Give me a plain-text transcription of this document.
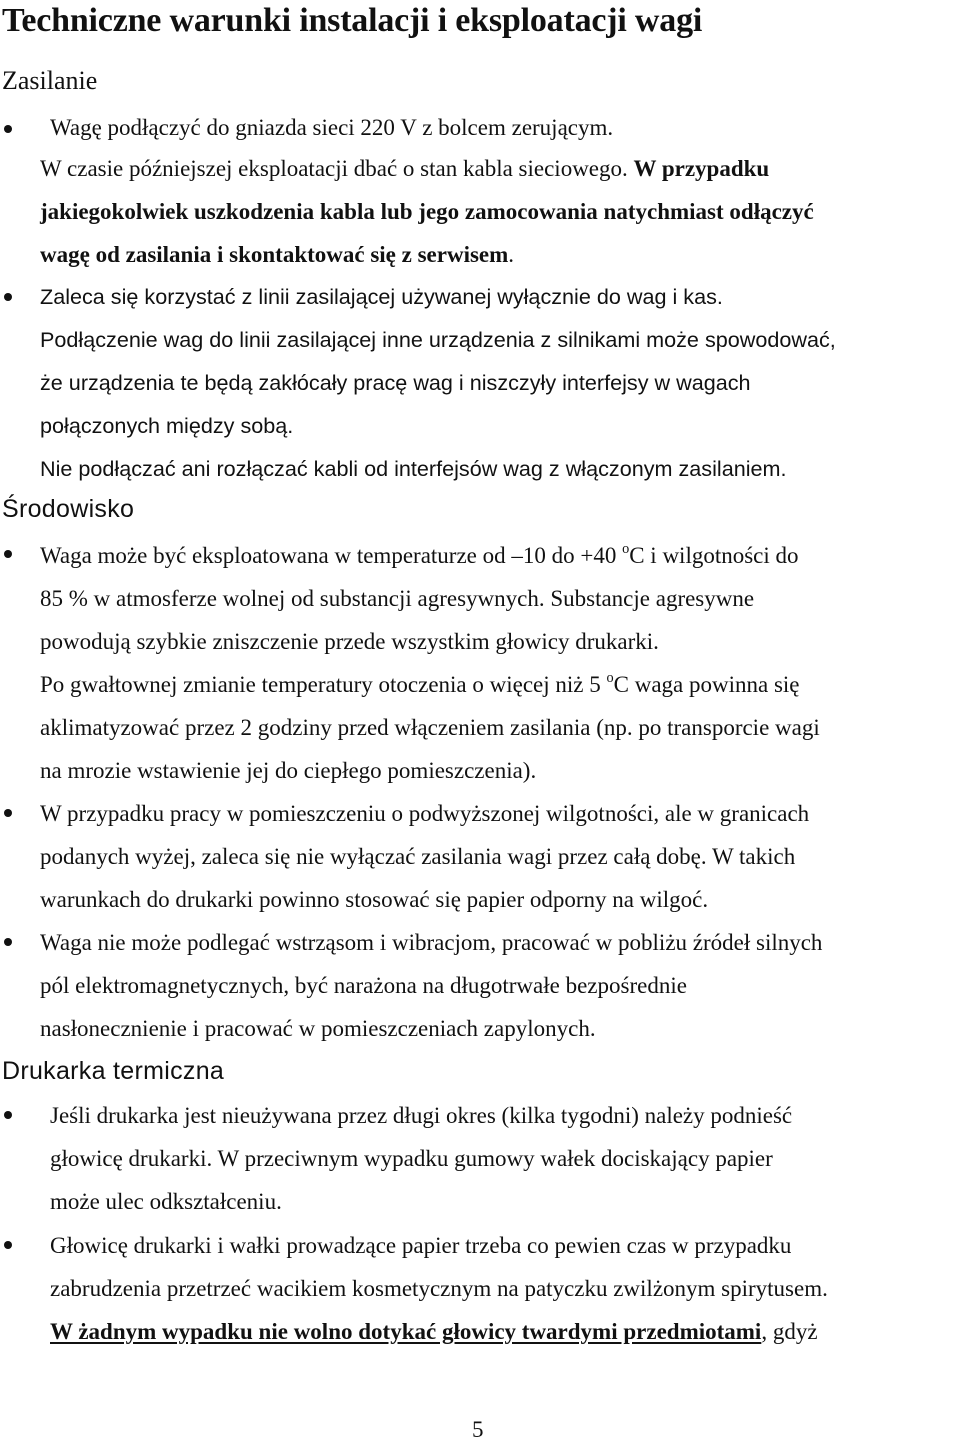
Techniczne warunki instalacji i eksploatacji wagi
Zasilanie
Wagę podłączyć do gniazda sieci 220 V z bolcem zerującym.
W czasie późniejszej eksploatacji dbać o stan kabla sieciowego. W przypadku
jakiegokolwiek uszkodzenia kabla lub jego zamocowania natychmiast odłączyć
wagę od zasilania i skontaktować się z serwisem.
Zaleca się korzystać z linii zasilającej używanej wyłącznie do wag i kas.
Podłączenie wag do linii zasilającej inne urządzenia z silnikami może spowodować,
że urządzenia te będą zakłócały pracę wag i niszczyły interfejsy w wagach
połączonych między sobą.
Nie podłączać ani rozłączać kabli od interfejsów wag z włączonym zasilaniem.
Środowisko
Waga może być eksploatowana w temperaturze od –10 do +40 $^o$C i wilgotności do
85 % w atmosferze wolnej od substancji agresywnych. Substancje agresywne
powodują szybkie zniszczenie przede wszystkim głowicy drukarki.
Po gwałtownej zmianie temperatury otoczenia o więcej niż 5 $^o$C waga powinna się
aklimatyzować przez 2 godziny przed włączeniem zasilania (np. po transporcie wagi
na mrozie wstawienie jej do ciepłego pomieszczenia).
W przypadku pracy w pomieszczeniu o podwyższonej wilgotności, ale w granicach
podanych wyżej, zaleca się nie wyłączać zasilania wagi przez całą dobę. W takich
warunkach do drukarki powinno stosować się papier odporny na wilgoć.
Waga nie może podlegać wstrząsom i wibracjom, pracować w pobliżu źródeł silnych
pól elektromagnetycznych, być narażona na długotrwałe bezpośrednie
nasłonecznienie i pracować w pomieszczeniach zapylonych.
Drukarka termiczna
Jeśli drukarka jest nieużywana przez długi okres (kilka tygodni) należy podnieść
głowicę drukarki. W przeciwnym wypadku gumowy wałek dociskający papier
może ulec odkształceniu.
Głowicę drukarki i wałki prowadzące papier trzeba co pewien czas w przypadku
zabrudzenia przetrzeć wacikiem kosmetycznym na patyczku zwilżonym spirytusem.
W żadnym wypadku nie wolno dotykać głowicy twardymi przedmiotami, gdyż
5
